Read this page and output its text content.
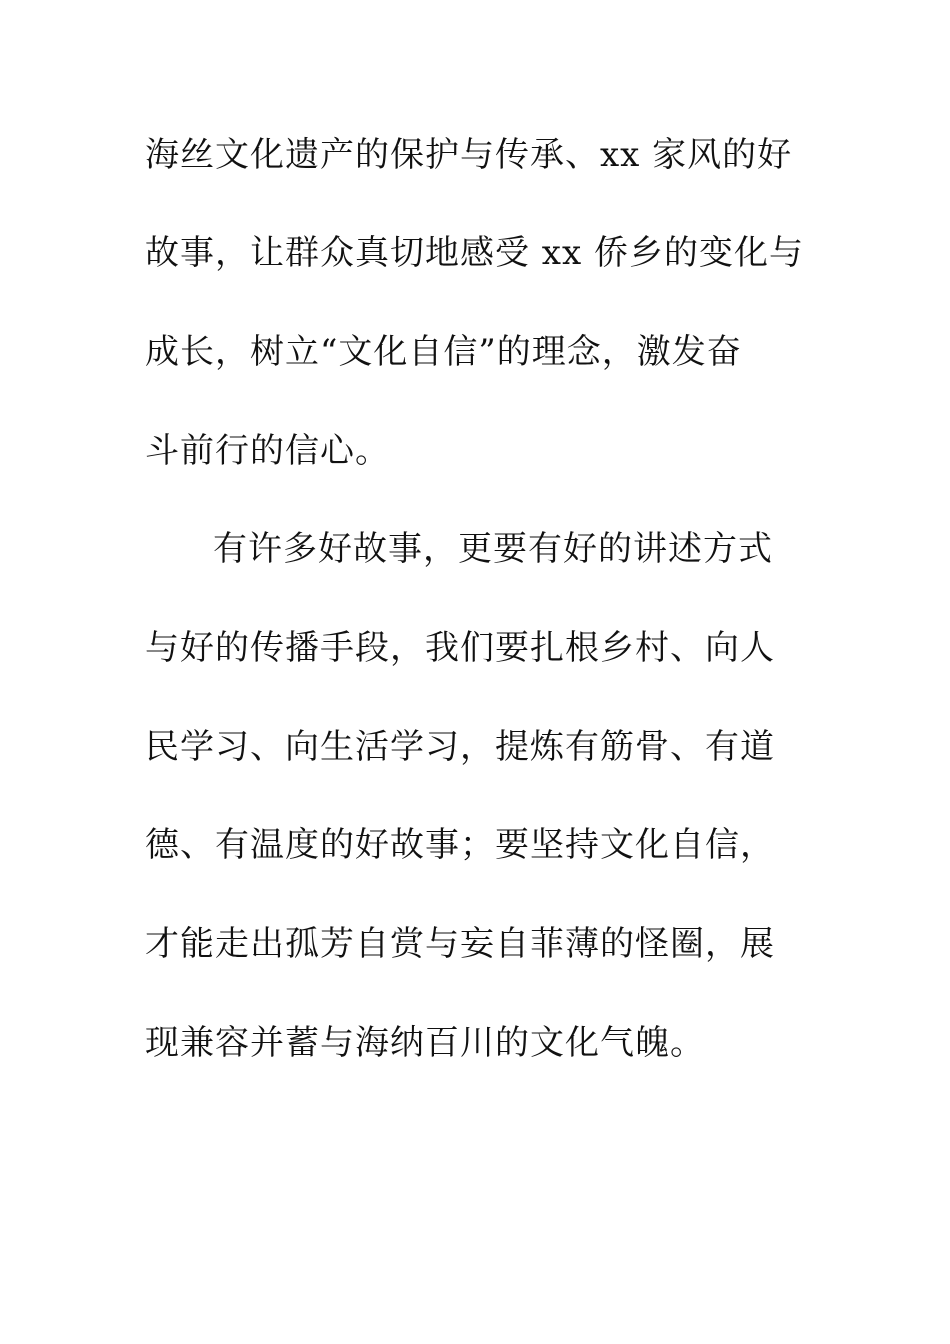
海丝文化遗产的保护与传承、xx 家风的好
故事，让群众真切地感受 xx 侨乡的变化与
成长，树立“文化自信”的理念，激发奋
斗前行的信心。
有许多好故事，更要有好的讲述方式
与好的传播手段，我们要扎根乡村、向人
民学习、向生活学习，提炼有筋骨、有道
德、有温度的好故事；要坚持文化自信，
才能走出孤芳自赏与妄自菲薄的怪圈，展
现兼容并蓄与海纳百川的文化气魄。
